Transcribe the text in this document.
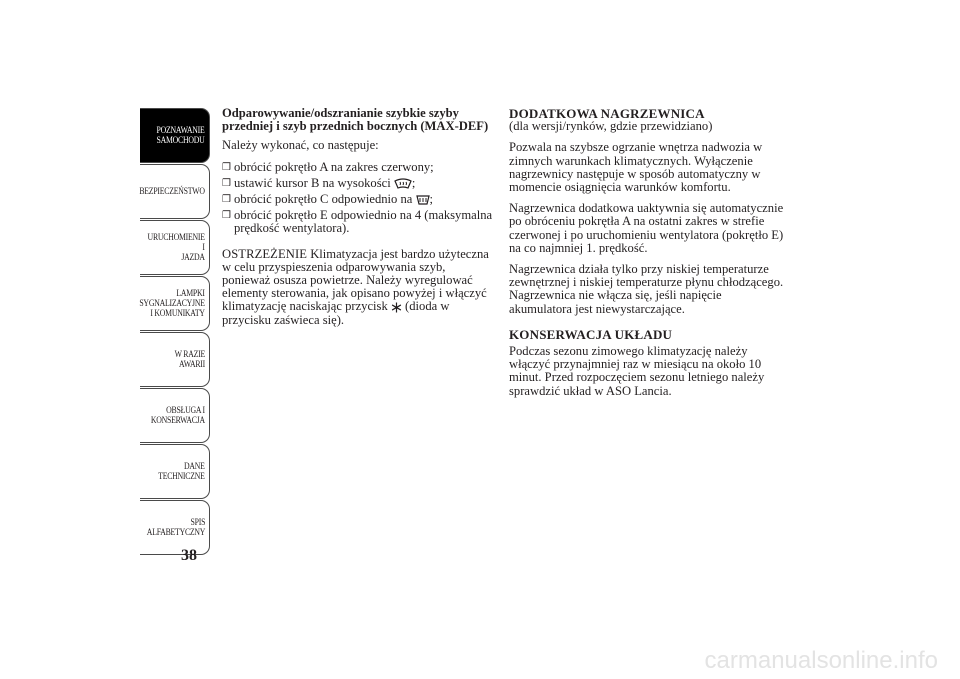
POZNAWANIE
SAMOCHODU
BEZPIECZEŃSTWO
URUCHOMIENIE I
JAZDA
LAMPKI
SYGNALIZACYJNE
I KOMUNIKATY
W RAZIE AWARII
OBSŁUGA I
KONSERWACJA
DANE
TECHNICZNE
SPIS
ALFABETYCZNY
38

Odparowywanie/odszranianie szybkie szyby przedniej i szyb przednich bocznych (MAX-DEF)

Należy wykonać, co następuje:

❒ obrócić pokrętło A na zakres czerwony;
❒ ustawić kursor B na wysokości ;
❒ obrócić pokrętło C odpowiednio na ;
❒ obrócić pokrętło E odpowiednio na 4 (maksymalna prędkość wentylatora).

OSTRZEŻENIE Klimatyzacja jest bardzo użyteczna w celu przyspieszenia odparowywania szyb, ponieważ osusza powietrze. Należy wyregulować elementy sterowania, jak opisano powyżej i włączyć klimatyzację naciskając przycisk  (dioda w przycisku zaświeca się).

DODATKOWA NAGRZEWNICA

(dla wersji/rynków, gdzie przewidziano)

Pozwala na szybsze ogrzanie wnętrza nadwozia w zimnych warunkach klimatycznych. Wyłączenie nagrzewnicy następuje w sposób automatyczny w momencie osiągnięcia warunków komfortu.

Nagrzewnica dodatkowa uaktywnia się automatycznie po obróceniu pokrętła A na ostatni zakres w strefie czerwonej i po uruchomieniu wentylatora (pokrętło E) na co najmniej 1. prędkość.

Nagrzewnica działa tylko przy niskiej temperaturze zewnętrznej i niskiej temperaturze płynu chłodzącego. Nagrzewnica nie włącza się, jeśli napięcie akumulatora jest niewystarczające.

KONSERWACJA UKŁADU

Podczas sezonu zimowego klimatyzację należy włączyć przynajmniej raz w miesiącu na około 10 minut. Przed rozpoczęciem sezonu letniego należy sprawdzić układ w ASO Lancia.

carmanualsonline.info
